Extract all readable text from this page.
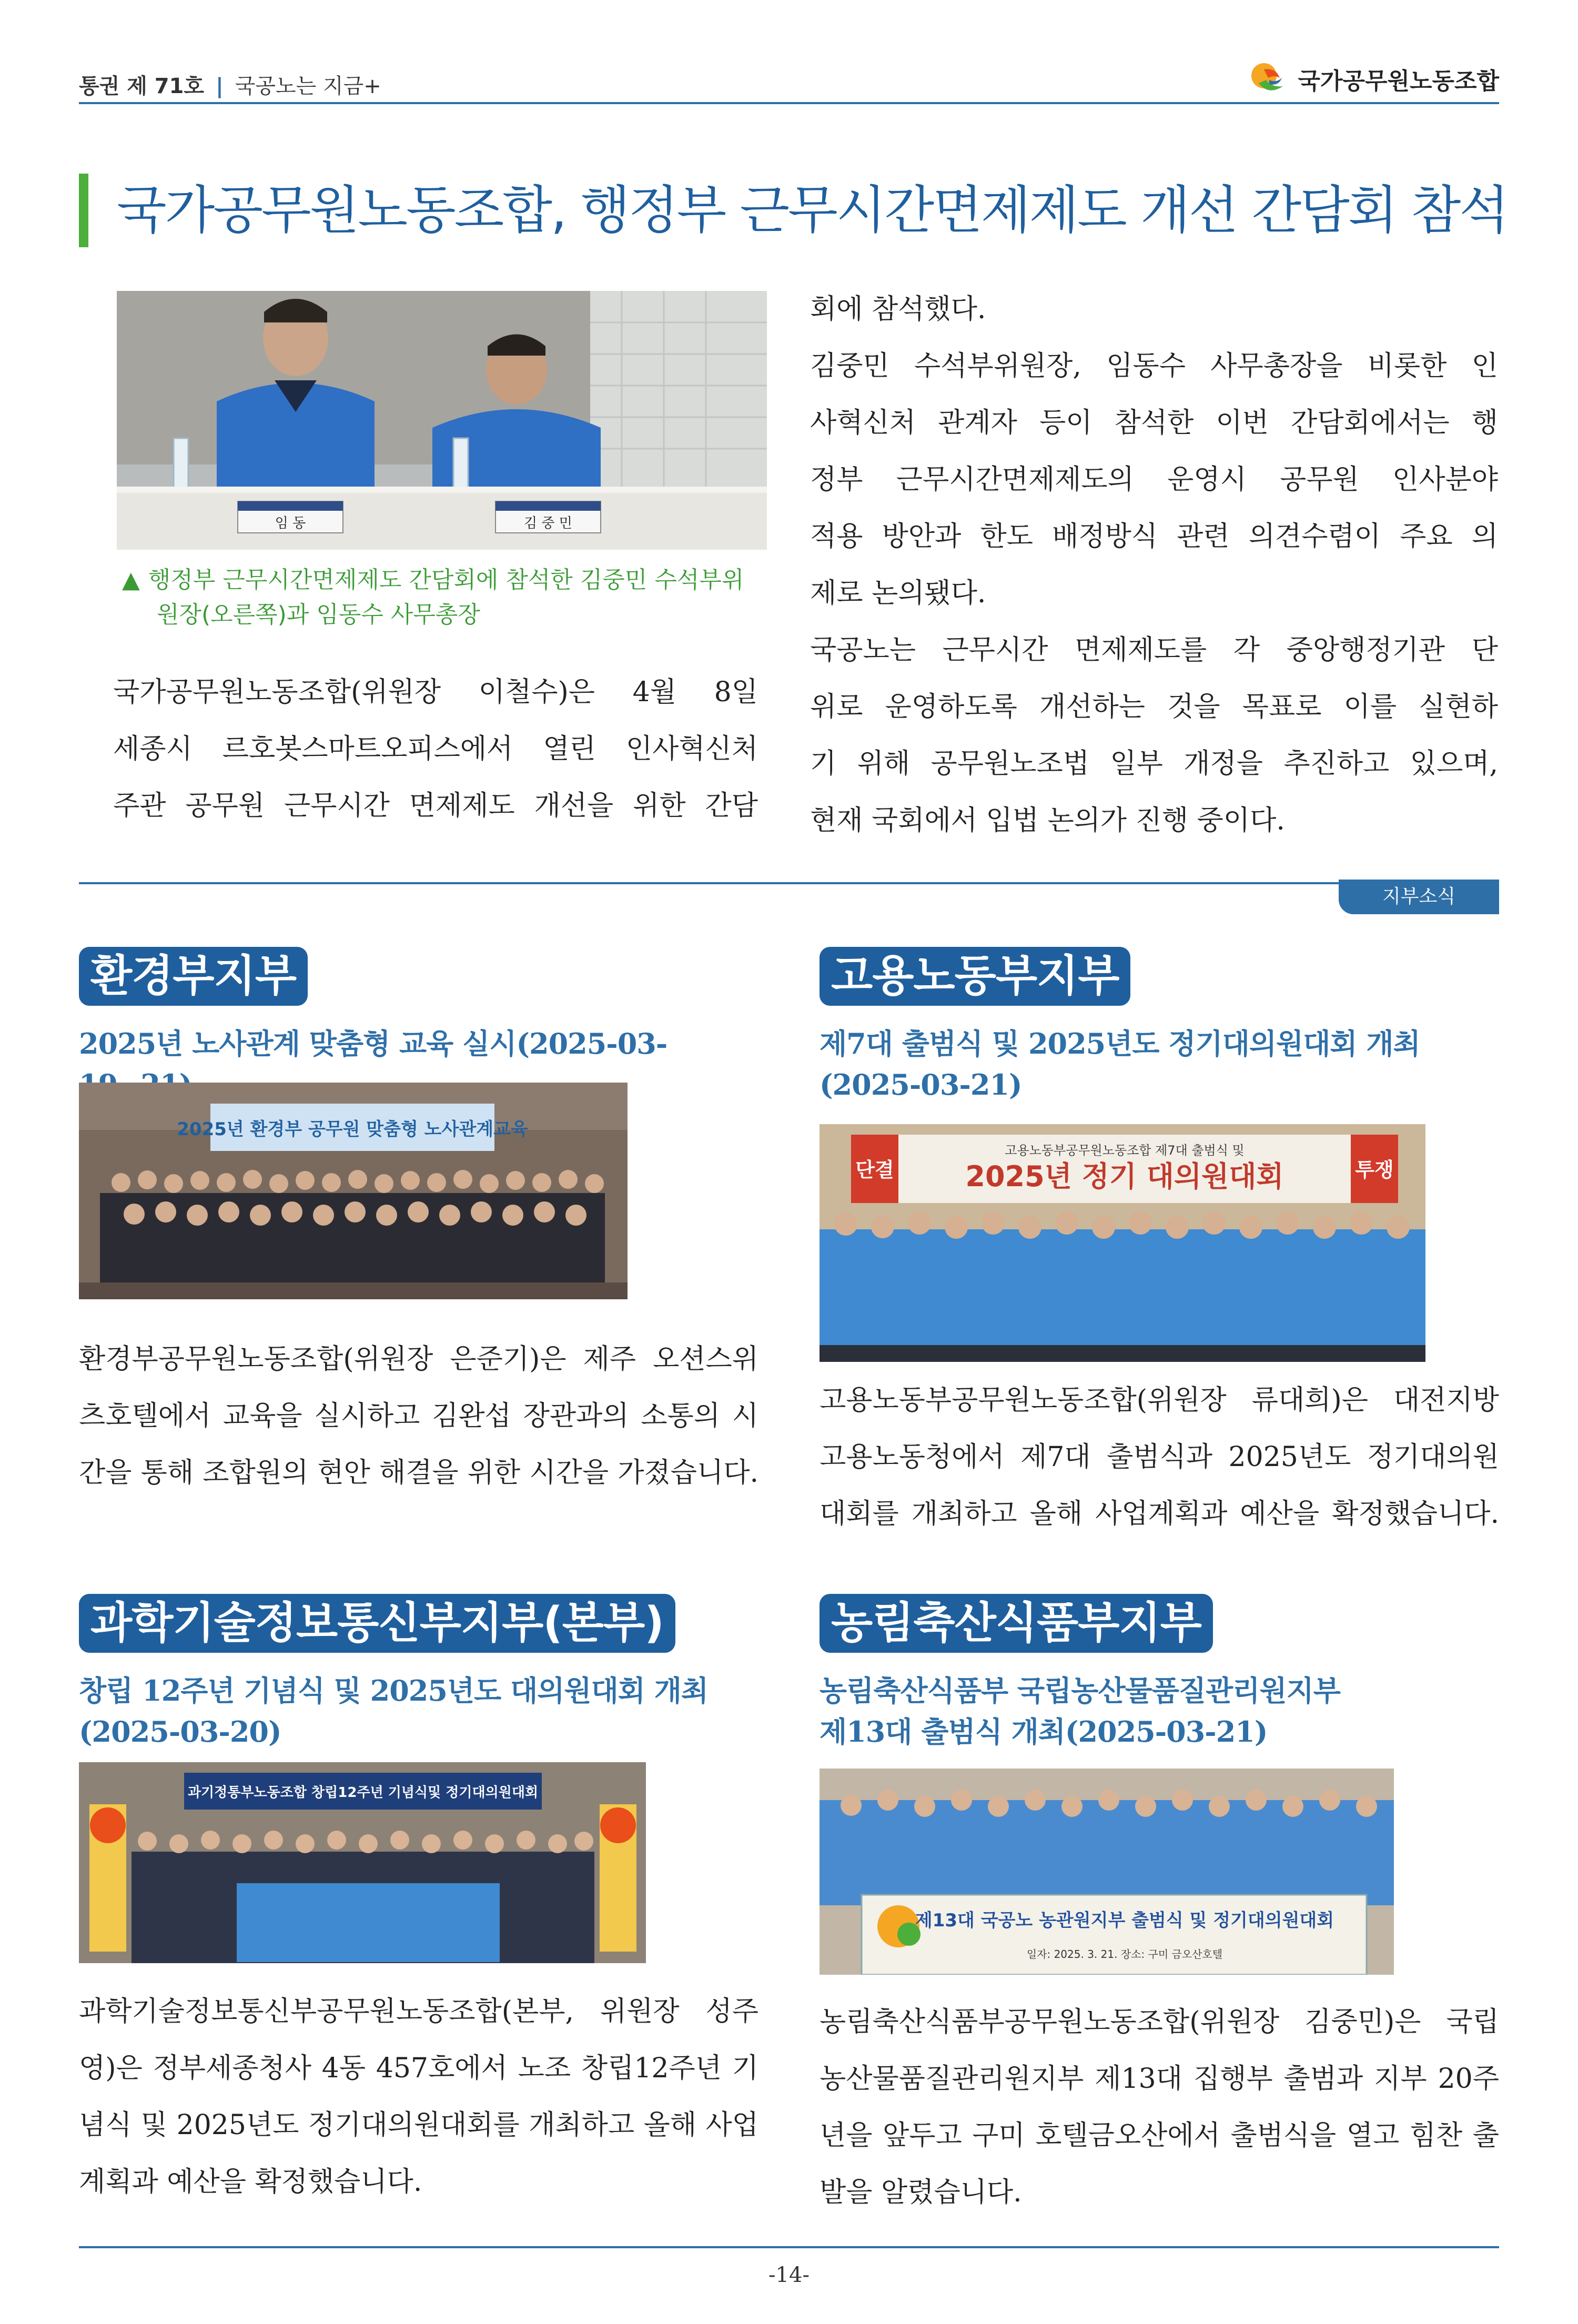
통권 제 71호 | 국공노는 지금+	국가공무원노동조합
국가공무원노동조합, 행정부 근무시간면제제도 개선 간담회 참석
임 동	김 중 민
▲ 행정부 근무시간면제제도 간담회에 참석한 김중민 수석부위
원장(오른쪽)과 임동수 사무총장
국가공무원노동조합(위원장 이철수)은 4월 8일
세종시 르호봇스마트오피스에서 열린 인사혁신처
주관 공무원 근무시간 면제제도 개선을 위한 간담
회에 참석했다.
김중민 수석부위원장, 임동수 사무총장을 비롯한 인
사혁신처 관계자 등이 참석한 이번 간담회에서는 행
정부 근무시간면제제도의 운영시 공무원 인사분야
적용 방안과 한도 배정방식 관련 의견수렴이 주요 의
제로 논의됐다.
국공노는 근무시간 면제제도를 각 중앙행정기관 단
위로 운영하도록 개선하는 것을 목표로 이를 실현하
기 위해 공무원노조법 일부 개정을 추진하고 있으며,
현재 국회에서 입법 논의가 진행 중이다.
지부소식
환경부지부
2025년 노사관계 맞춤형 교육 실시(2025-03-
2025년 환경부 공무원 맞춤형 노사관계교육
환경부공무원노동조합(위원장 은준기)은 제주 오션스위
츠호텔에서 교육을 실시하고 김완섭 장관과의 소통의 시
간을 통해 조합원의 현안 해결을 위한 시간을 가졌습니다.
고용노동부지부
제7대 출범식 및 2025년도 정기대의원대회 개최
(2025-03-21)
단결	투쟁
고용노동부공무원노동조합 제7대 출범식 및
2025년 정기 대의원대회
고용노동부공무원노동조합(위원장 류대희)은 대전지방
고용노동청에서 제7대 출범식과 2025년도 정기대의원
대회를 개최하고 올해 사업계획과 예산을 확정했습니다.
과학기술정보통신부지부(본부)
창립 12주년 기념식 및 2025년도 대의원대회 개최
(2025-03-20)
과기정통부노동조합 창립12주년 기념식및 정기대의원대회
과학기술정보통신부공무원노동조합(본부, 위원장 성주
영)은 정부세종청사 4동 457호에서 노조 창립12주년 기
념식 및 2025년도 정기대의원대회를 개최하고 올해 사업
계획과 예산을 확정했습니다.
농림축산식품부지부
농림축산식품부 국립농산물품질관리원지부
제13대 출범식 개최(2025-03-21)
제13대 국공노 농관원지부 출범식 및 정기대의원대회
일자: 2025. 3. 21. 장소: 구미 금오산호텔
농림축산식품부공무원노동조합(위원장 김중민)은 국립
농산물품질관리원지부 제13대 집행부 출범과 지부 20주
년을 앞두고 구미 호텔금오산에서 출범식을 열고 힘찬 출
발을 알렸습니다.
-14-
